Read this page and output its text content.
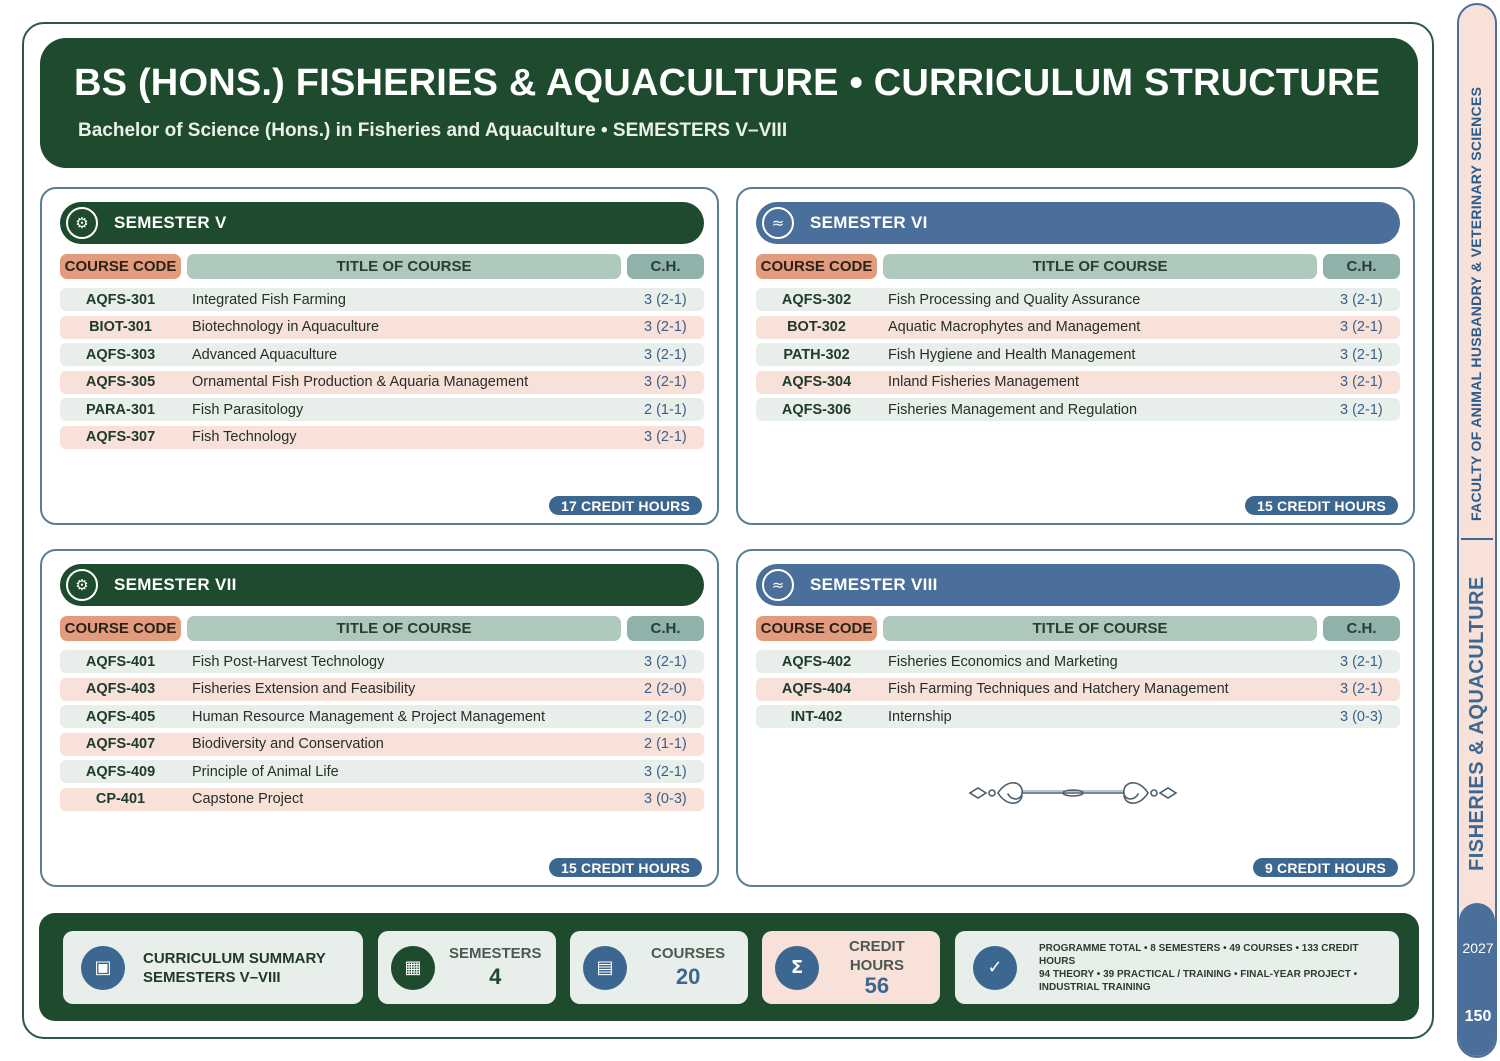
BS (HONS.) FISHERIES & AQUACULTURE • CURRICULUM STRUCTURE
Bachelor of Science (Hons.) in Fisheries and Aquaculture • SEMESTERS V–VIII
⚙	SEMESTER V
COURSE CODE	TITLE OF COURSE	C.H.
AQFS-301	Integrated Fish Farming	3 (2-1)
BIOT-301	Biotechnology in Aquaculture	3 (2-1)
AQFS-303	Advanced Aquaculture	3 (2-1)
AQFS-305	Ornamental Fish Production & Aquaria Management	3 (2-1)
PARA-301	Fish Parasitology	2 (1-1)
AQFS-307	Fish Technology	3 (2-1)
17 CREDIT HOURS
≈	SEMESTER VI
COURSE CODE	TITLE OF COURSE	C.H.
AQFS-302	Fish Processing and Quality Assurance	3 (2-1)
BOT-302	Aquatic Macrophytes and Management	3 (2-1)
PATH-302	Fish Hygiene and Health Management	3 (2-1)
AQFS-304	Inland Fisheries Management	3 (2-1)
AQFS-306	Fisheries Management and Regulation	3 (2-1)
15 CREDIT HOURS
⚙	SEMESTER VII
COURSE CODE	TITLE OF COURSE	C.H.
AQFS-401	Fish Post-Harvest Technology	3 (2-1)
AQFS-403	Fisheries Extension and Feasibility	2 (2-0)
AQFS-405	Human Resource Management & Project Management	2 (2-0)
AQFS-407	Biodiversity and Conservation	2 (1-1)
AQFS-409	Principle of Animal Life	3 (2-1)
CP-401	Capstone Project	3 (0-3)
15 CREDIT HOURS
≈	SEMESTER VIII
COURSE CODE	TITLE OF COURSE	C.H.
AQFS-402	Fisheries Economics and Marketing	3 (2-1)
AQFS-404	Fish Farming Techniques and Hatchery Management	3 (2-1)
INT-402	Internship	3 (0-3)
9 CREDIT HOURS
▣	CURRICULUM SUMMARY
SEMESTERS V–VIII	▦
SEMESTERS
4	▤
COURSES
20	Σ
CREDIT
HOURS
56
✓
PROGRAMME TOTAL • 8 SEMESTERS • 49 COURSES • 133 CREDIT HOURS
94 THEORY • 39 PRACTICAL / TRAINING • FINAL-YEAR PROJECT • INDUSTRIAL TRAINING
FACULTY OF ANIMAL HUSBANDRY & VETERINARY SCIENCES
FISHERIES & AQUACULTURE
2027
150
